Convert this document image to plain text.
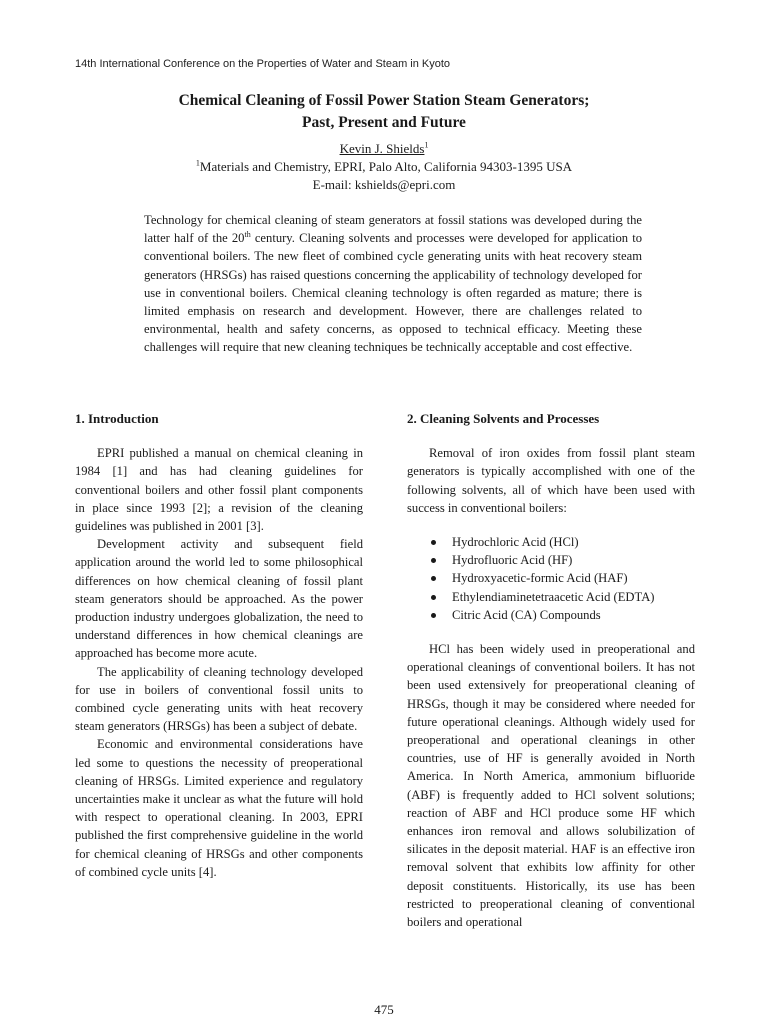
14th International Conference on the Properties of Water and Steam in Kyoto
Chemical Cleaning of Fossil Power Station Steam Generators;
Past, Present and Future
Kevin J. Shields$^1$
$^1$Materials and Chemistry, EPRI, Palo Alto, California 94303-1395 USA
E-mail: kshields@epri.com

Technology for chemical cleaning of steam generators at fossil stations was developed during the latter half of the 20th century. Cleaning solvents and processes were developed for application to conventional boilers. The new fleet of combined cycle generating units with heat recovery steam generators (HRSGs) has raised questions concerning the applicability of technology developed for use in conventional boilers. Chemical cleaning technology is often regarded as mature; there is limited emphasis on research and development. However, there are challenges related to environmental, health and safety concerns, as opposed to technical efficacy. Meeting these challenges will require that new cleaning techniques be technically acceptable and cost effective.

1. Introduction

EPRI published a manual on chemical cleaning in 1984 [1] and has had cleaning guidelines for conventional boilers and other fossil plant components in place since 1993 [2]; a revision of the cleaning guidelines was published in 2001 [3].

Development activity and subsequent field application around the world led to some philosophical differences on how chemical cleaning of fossil plant steam generators should be approached. As the power production industry undergoes globalization, the need to understand differences in how chemical cleanings are approached has become more acute.

The applicability of cleaning technology developed for use in boilers of conventional fossil units to combined cycle generating units with heat recovery steam generators (HRSGs) has been a subject of debate.

Economic and environmental considerations have led some to questions the necessity of preoperational cleaning of HRSGs. Limited experience and regulatory uncertainties make it unclear as what the future will hold with respect to operational cleaning. In 2003, EPRI published the first comprehensive guideline in the world for chemical cleaning of HRSGs and other components of combined cycle units [4].

2. Cleaning Solvents and Processes

Removal of iron oxides from fossil plant steam generators is typically accomplished with one of the following solvents, all of which have been used with success in conventional boilers:

Hydrochloric Acid (HCl)
Hydrofluoric Acid (HF)
Hydroxyacetic-formic Acid (HAF)
Ethylendiaminetetraacetic Acid (EDTA)
Citric Acid (CA) Compounds

HCl has been widely used in preoperational and operational cleanings of conventional boilers. It has not been used extensively for preoperational cleaning of HRSGs, though it may be considered where needed for future operational cleanings. Although widely used for preoperational and operational cleanings in other countries, use of HF is generally avoided in North America. In North America, ammonium bifluoride (ABF) is frequently added to HCl solvent solutions; reaction of ABF and HCl produce some HF which enhances iron removal and allows solubilization of silicates in the deposit material. HAF is an effective iron removal solvent that exhibits low affinity for other deposit constituents. Historically, its use has been restricted to preoperational cleaning of conventional boilers and operational

475
